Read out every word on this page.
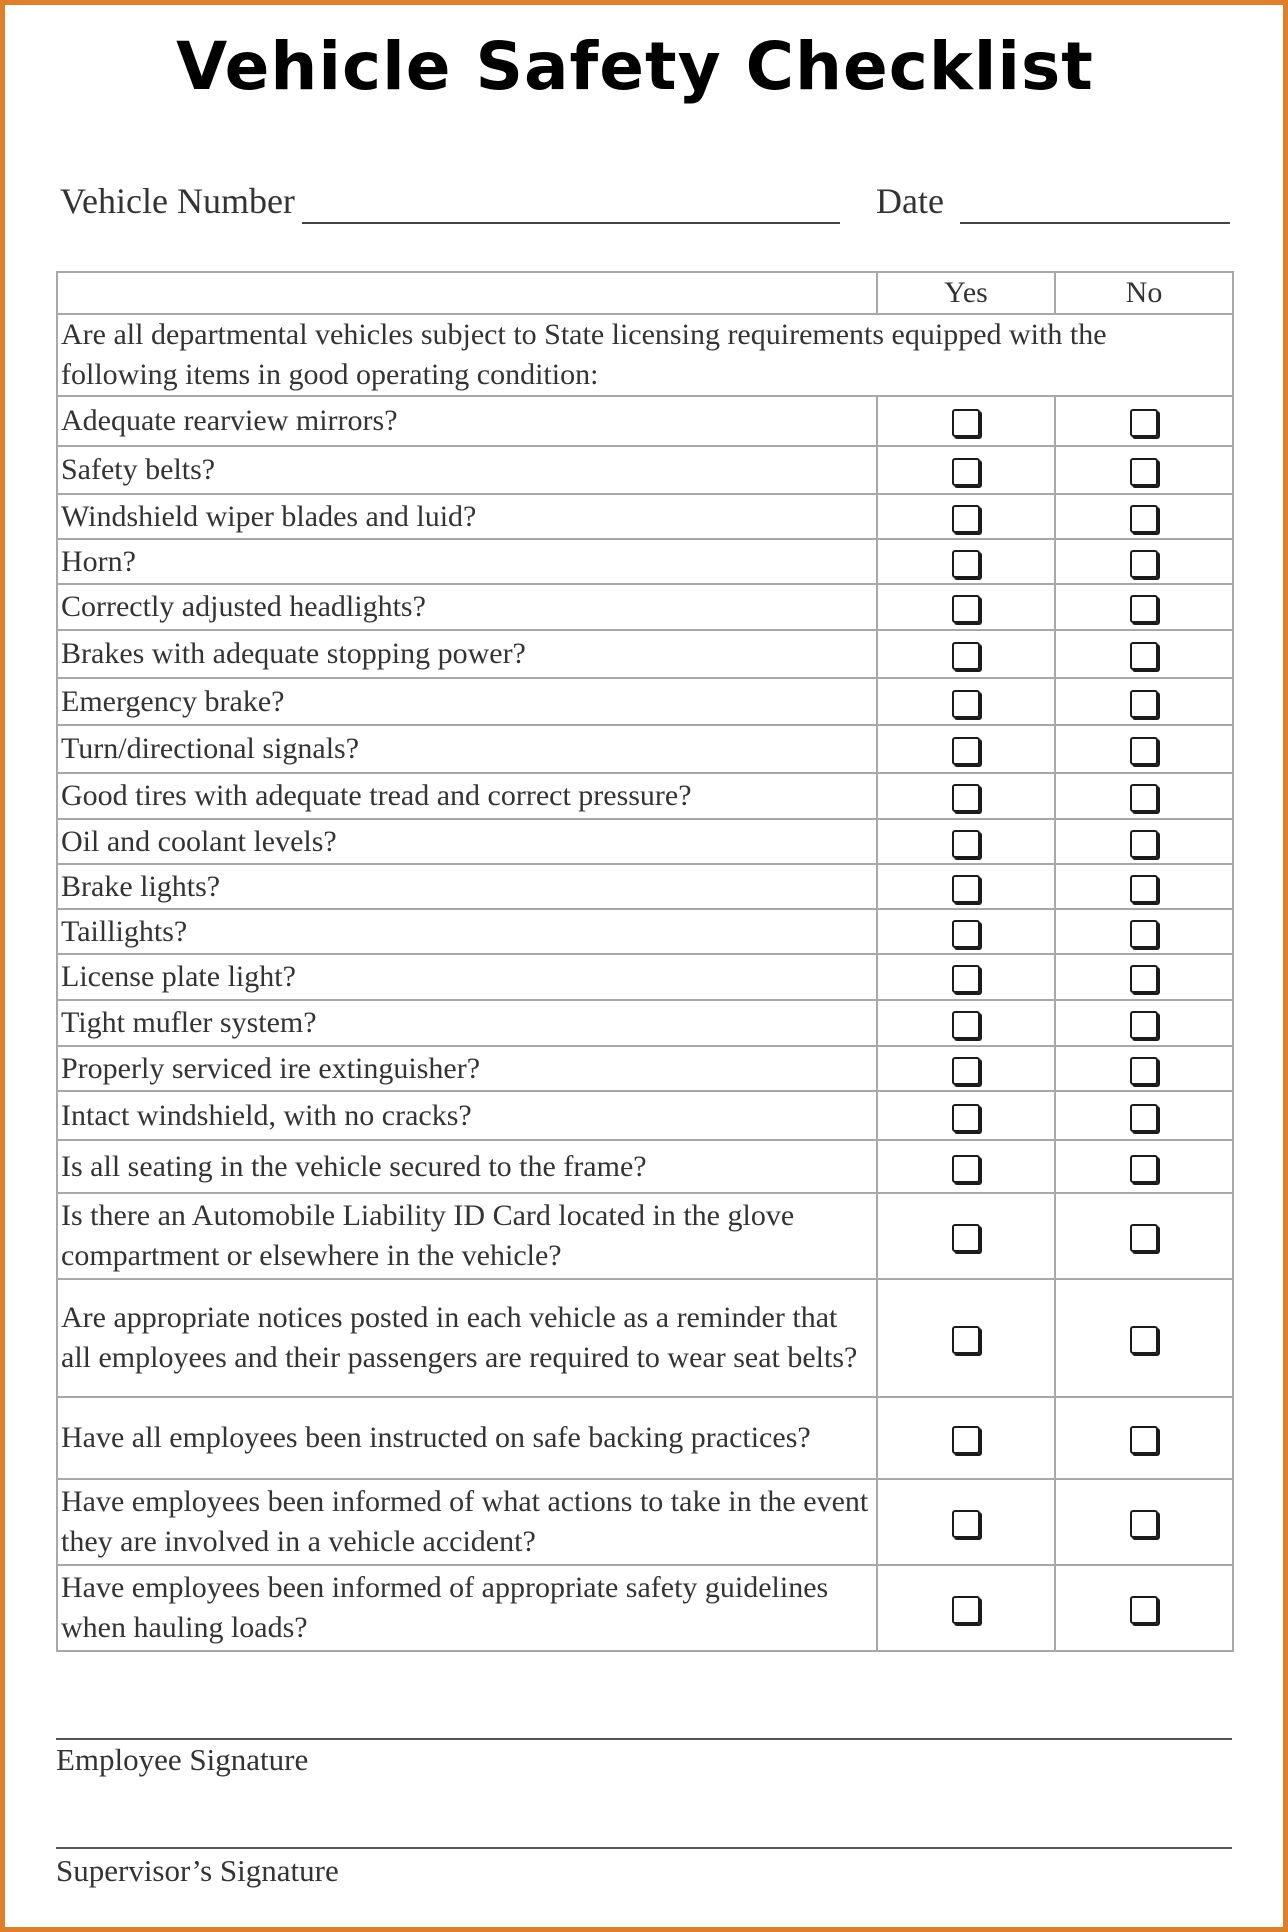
Vehicle Safety Checklist
Vehicle Number	Date
	Yes	No
Are all departmental vehicles subject to State licensing requirements equipped with the following items in good operating condition:		
Adequate rearview mirrors?		
Safety belts?		
Windshield wiper blades and luid?		
Horn?		
Correctly adjusted headlights?		
Brakes with adequate stopping power?		
Emergency brake?		
Turn/directional signals?		
Good tires with adequate tread and correct pressure?		
Oil and coolant levels?		
Brake lights?		
Taillights?		
License plate light?		
Tight mufler system?		
Properly serviced ire extinguisher?		
Intact windshield, with no cracks?		
Is all seating in the vehicle secured to the frame?		
Is there an Automobile Liability ID Card located in the glove compartment or elsewhere in the vehicle?		
Are appropriate notices posted in each vehicle as a reminder that all employees and their passengers are required to wear seat belts?		
Have all employees been instructed on safe backing practices?		
Have employees been informed of what actions to take in the event they are involved in a vehicle accident?		
Have employees been informed of appropriate safety guidelines when hauling loads?		
Employee Signature
Supervisor’s Signature
